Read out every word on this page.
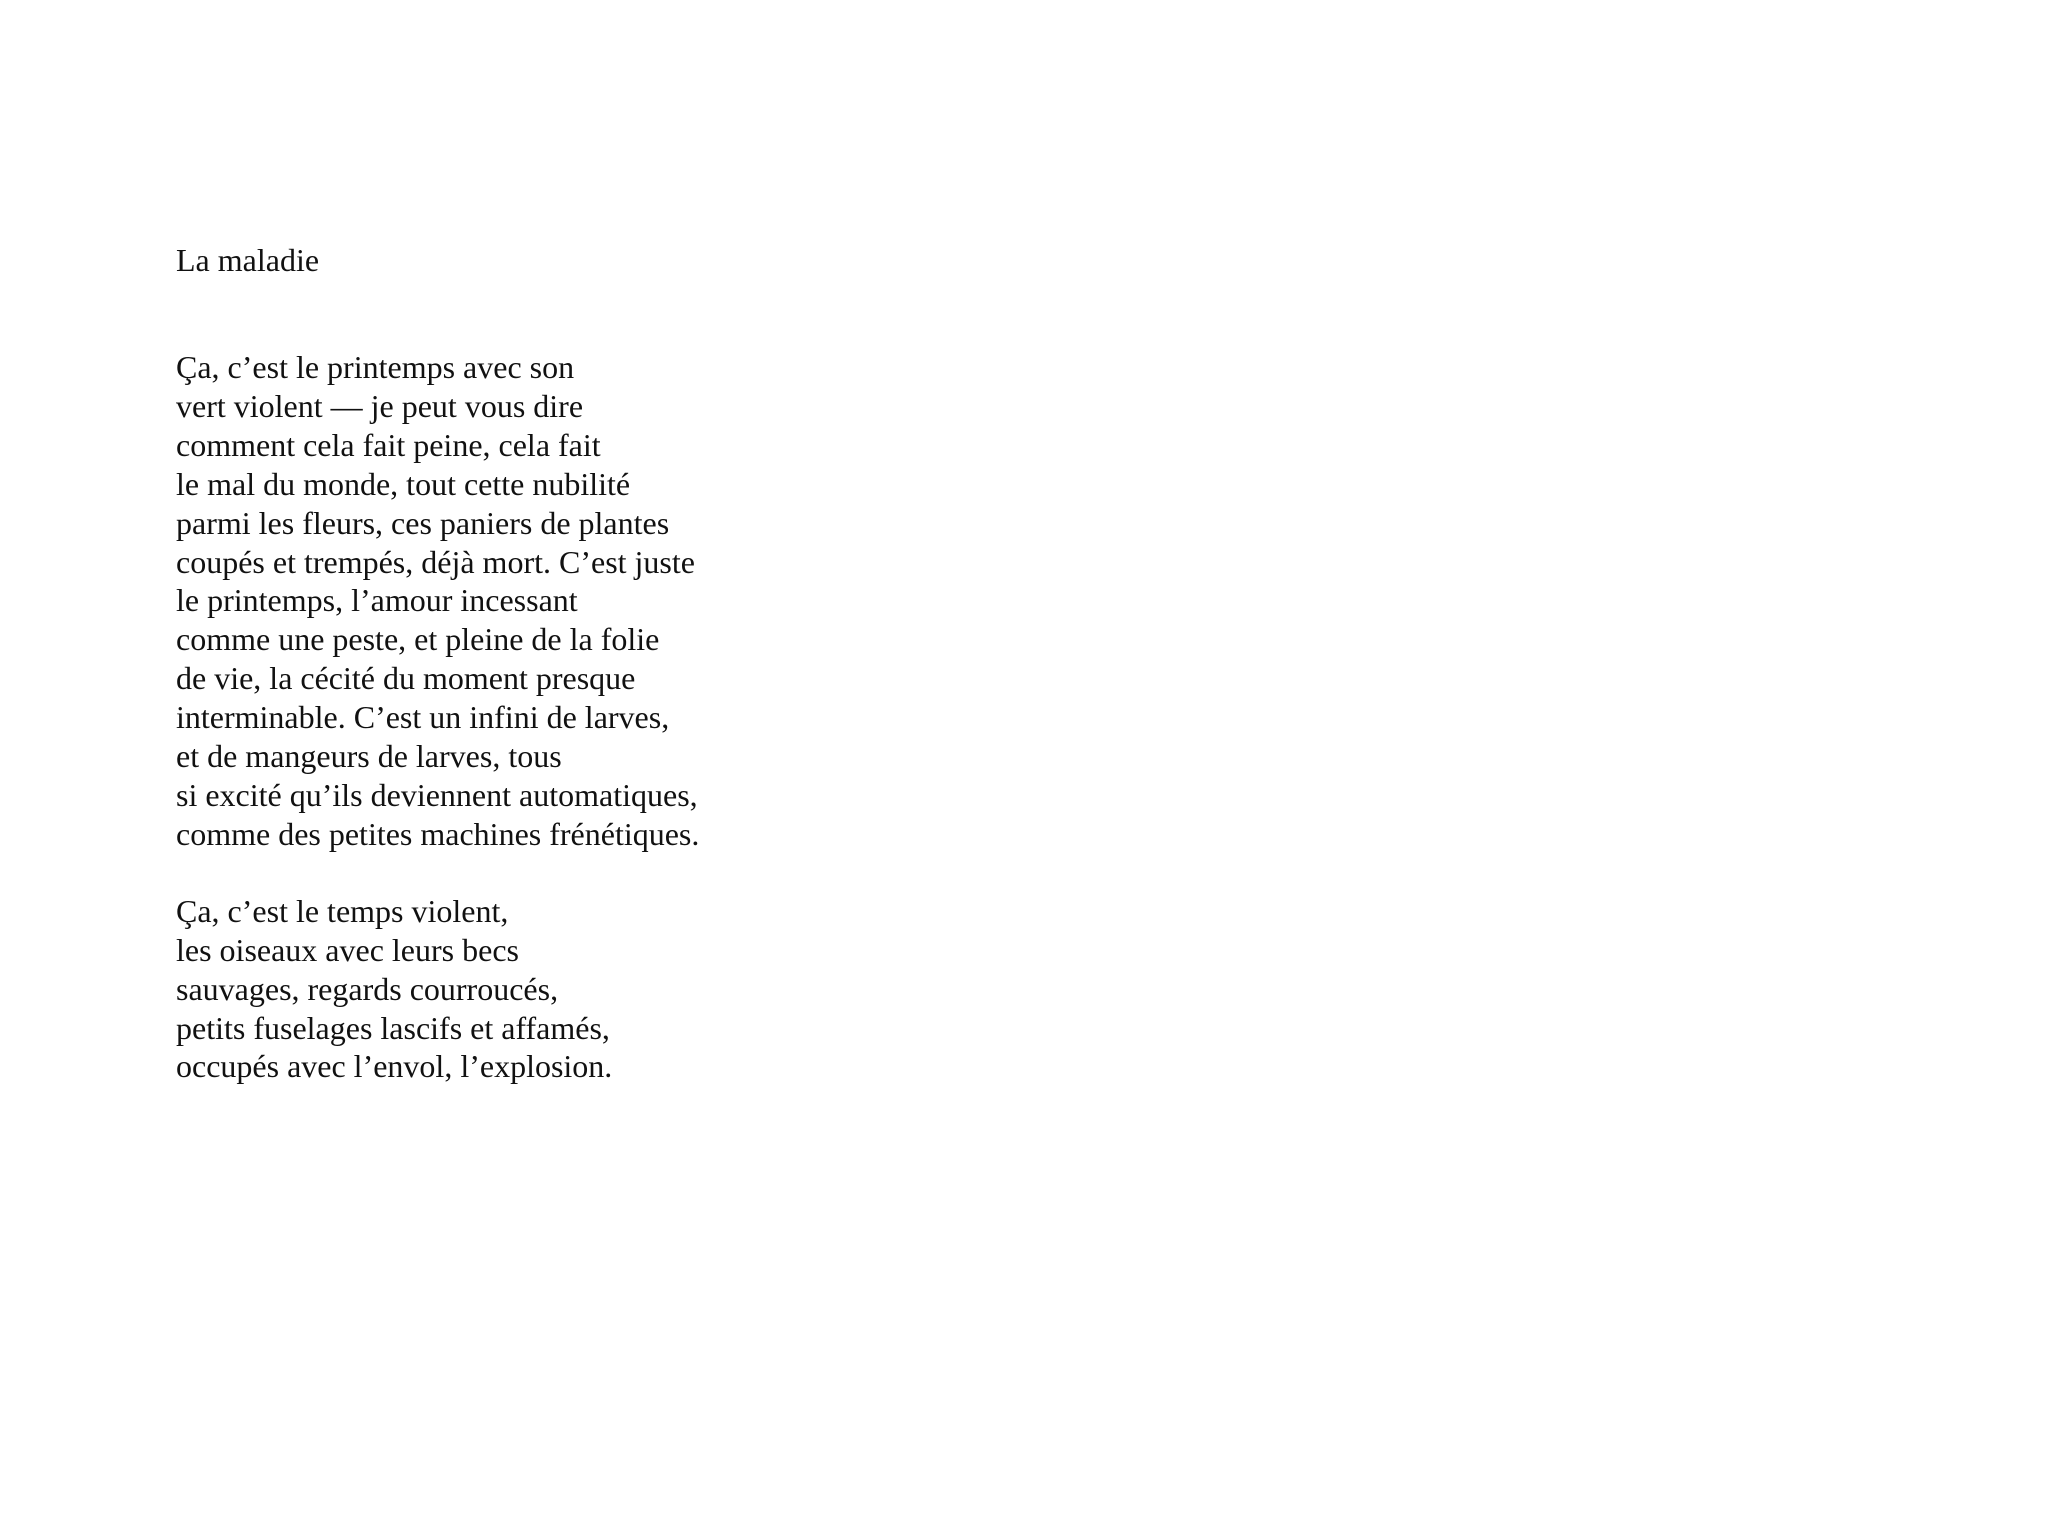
La maladie
Ça, c’est le printemps avec son
vert violent — je peut vous dire
comment cela fait peine, cela fait
le mal du monde, tout cette nubilité
parmi les fleurs, ces paniers de plantes
coupés et trempés, déjà mort. C’est juste
le printemps, l’amour incessant
comme une peste, et pleine de la folie
de vie, la cécité du moment presque
interminable. C’est un infini de larves,
et de mangeurs de larves, tous
si excité qu’ils deviennent automatiques,
comme des petites machines frénétiques.
Ça, c’est le temps violent,
les oiseaux avec leurs becs
sauvages, regards courroucés,
petits fuselages lascifs et affamés,
occupés avec l’envol, l’explosion.
